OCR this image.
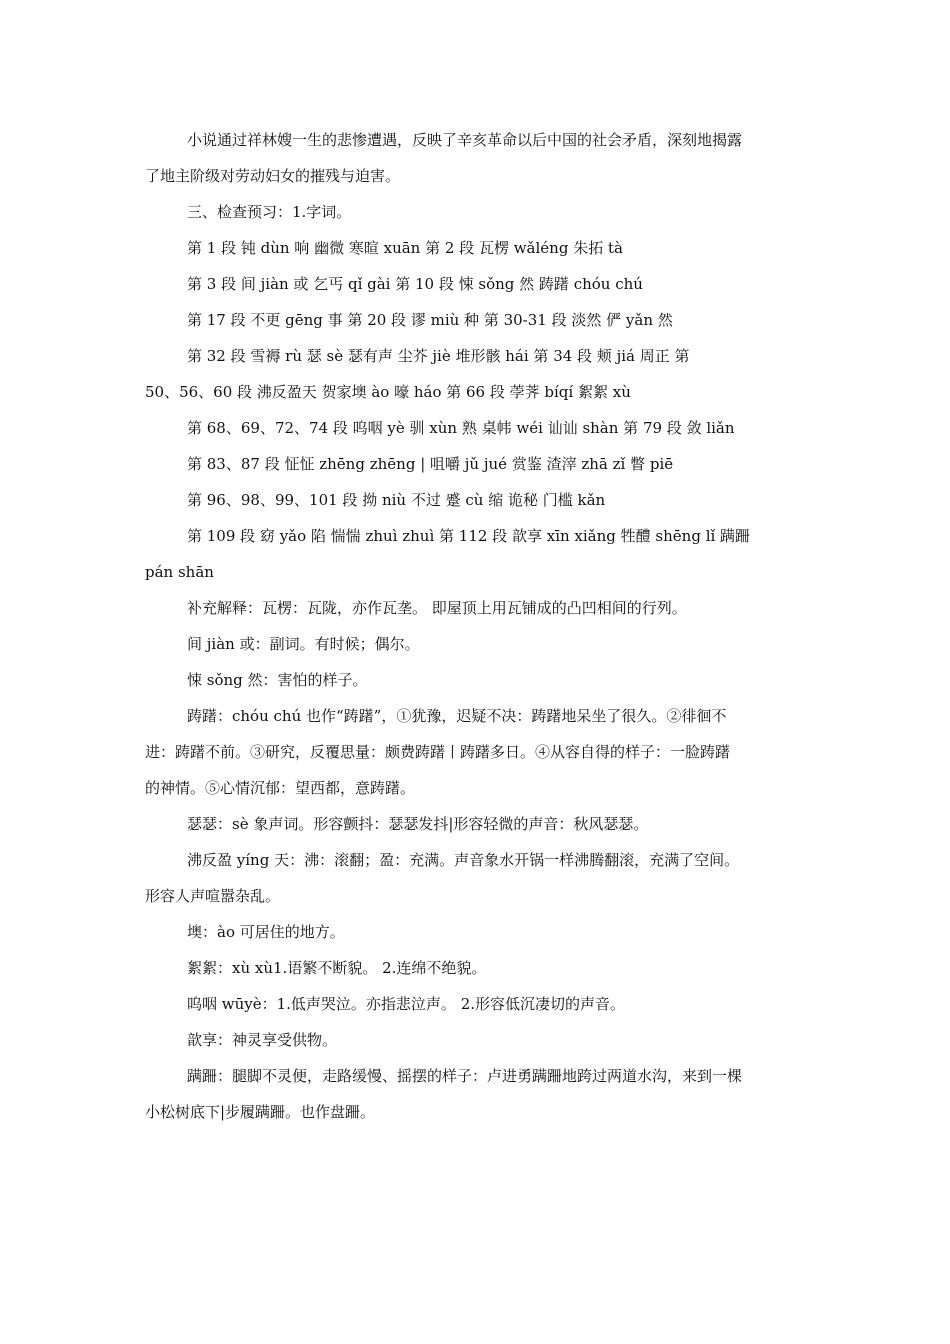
小说通过祥林嫂一生的悲惨遭遇，反映了辛亥革命以后中国的社会矛盾，深刻地揭露
了地主阶级对劳动妇女的摧残与迫害。
三、检查预习：1.字词。
第 1 段 钝 dùn 响 幽微 寒暄 xuān 第 2 段 瓦楞 wǎléng 朱拓 tà
第 3 段 间 jiàn 或 乞丐 qǐ gài 第 10 段 悚 sǒng 然 踌躇 chóu chú
第 17 段 不更 gēng 事 第 20 段 谬 miù 种 第 30-31 段 淡然 俨 yǎn 然
第 32 段 雪褥 rù 瑟 sè 瑟有声 尘芥 jiè 堆形骸 hái 第 34 段 颊 jiá 周正 第
50、56、60 段 沸反盈天 贺家墺 ào 嚎 háo 第 66 段 荸荠 bíqí 絮絮 xù
第 68、69、72、74 段 呜咽 yè 驯 xùn 熟 桌帏 wéi 讪讪 shàn 第 79 段 敛 liǎn
第 83、87 段 怔怔 zhēng zhēng | 咀嚼 jǔ jué 赏鉴 渣滓 zhā zǐ 瞥 piē
第 96、98、99、101 段 拗 niù 不过 蹙 cù 缩 诡秘 门槛 kǎn
第 109 段 窈 yǎo 陷 惴惴 zhuì zhuì 第 112 段 歆享 xīn xiǎng 牲醴 shēng lǐ 蹒跚
pán shān
补充解释：瓦楞：瓦陇，亦作瓦垄。 即屋顶上用瓦铺成的凸凹相间的行列。
间 jiàn 或：副词。有时候；偶尔。
悚 sǒng 然：害怕的样子。
踌躇：chóu chú 也作“踌躇”，①犹豫，迟疑不决：踌躇地呆坐了很久。②徘徊不
进：踌躇不前。③研究，反覆思量：颇费踌躇丨踌躇多日。④从容自得的样子：一脸踌躇
的神情。⑤心情沉郁：望西都，意踌躇。
瑟瑟：sè 象声词。形容颤抖：瑟瑟发抖|形容轻微的声音：秋风瑟瑟。
沸反盈 yíng 天：沸：滚翻；盈：充满。声音象水开锅一样沸腾翻滚，充满了空间。
形容人声喧嚣杂乱。
墺：ào 可居住的地方。
絮絮：xù xù1.语繁不断貌。 2.连绵不绝貌。
呜咽 wūyè：1.低声哭泣。亦指悲泣声。 2.形容低沉凄切的声音。
歆享：神灵享受供物。
蹒跚：腿脚不灵便，走路缓慢、摇摆的样子：卢进勇蹒跚地跨过两道水沟，来到一棵
小松树底下|步履蹒跚。也作盘跚。
